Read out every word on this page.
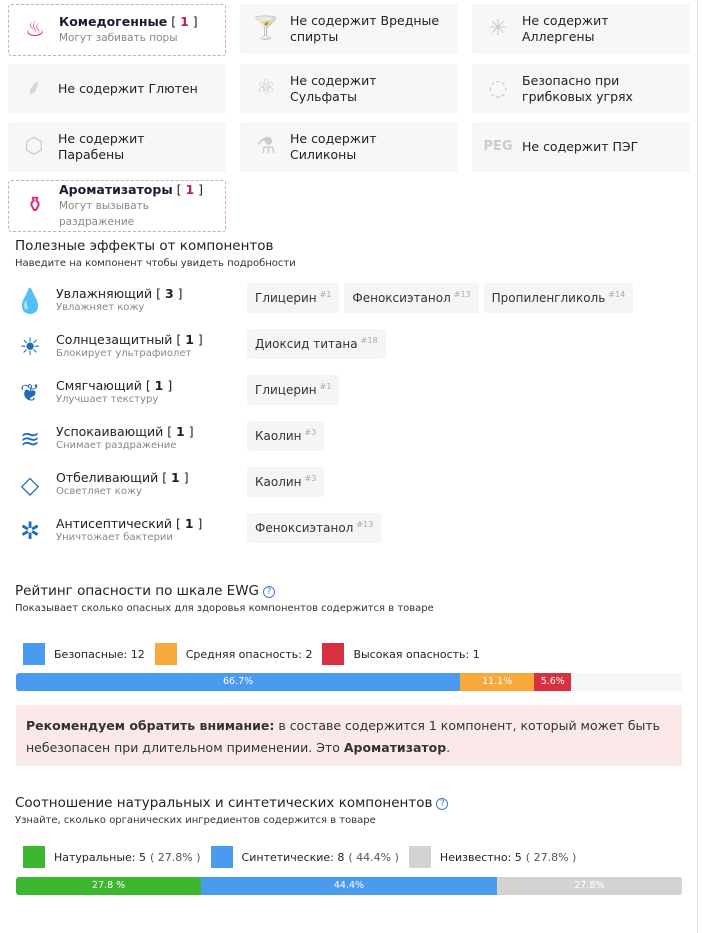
♨	Комедогенные [ 1 ]
Могут забивать поры	🍸 Не содержит Вредные спирты	✳	Не содержит Аллергены
⸙	Не содержит Глютен	⚛	Не содержит Сульфаты	◌	Безопасно при грибковых угрях
⬡	Не содержит Парабены	⚗	Не содержит Силиконы
PEG Не содержит ПЭГ
⚱
Ароматизаторы [ 1 ]
Могут вызывать раздражение
Полезные эффекты от компонентов
Наведите на компонент чтобы увидеть подробности
💧 Увлажняющий [ 3 ]
Увлажняет кожу
Глицерин $^{\#1}$ Феноксиэтанол $^{\#13}$ Пропиленгликоль $^{\#14}$
☀	Солнцезащитный [ 1 ]
Блокирует ультрафиолет
Диоксид титана $^{\#18}$
❦	Смягчающий [ 1 ]
Улучшает текстуру
Глицерин $^{\#1}$
≋	Успокаивающий [ 1 ]
Снимает раздражение
Каолин $^{\#3}$
◇	Отбеливающий [ 1 ]
Осветляет кожу
Каолин $^{\#3}$
✲	Антисептический [ 1 ]
Уничтожает бактерии
Феноксиэтанол $^{\#13}$
Рейтинг опасности по шкале EWG ?
Показывает сколько опасных для здоровья компонентов содержится в товаре
Безопасные: 12	Средняя опасность: 2	Высокая опасность: 1
66.7%	11.1%	5.6%
Рекомендуем обратить внимание: в составе содержится 1 компонент, который может быть небезопасен при длительном применении. Это Ароматизатор.
Соотношение натуральных и синтетических компонентов ?
Узнайте, сколько органических ингредиентов содержится в товаре
Натуральные: 5 ( 27.8% )	Синтетические: 8 ( 44.4% )	Неизвестно: 5 ( 27.8% )
27.8 %	44.4%	27.8%
